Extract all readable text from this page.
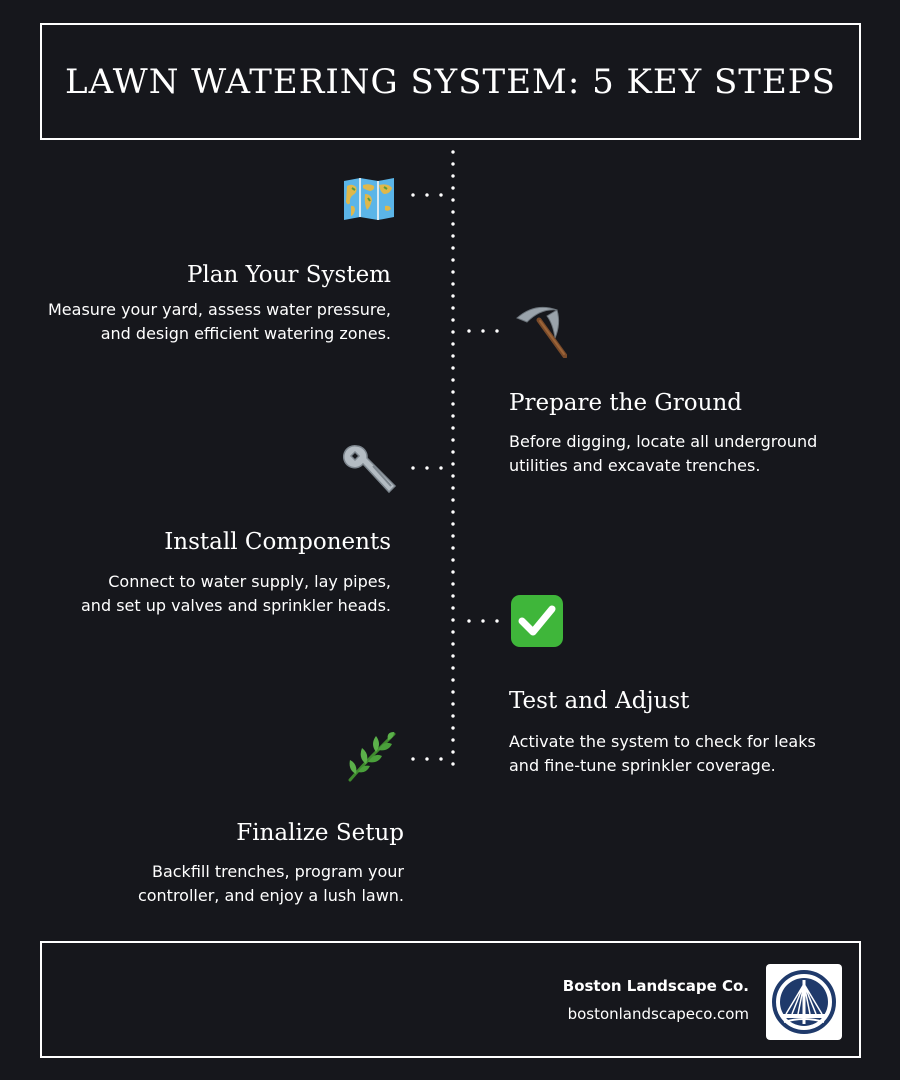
LAWN WATERING SYSTEM: 5 KEY STEPS
Plan Your System
Measure your yard, assess water pressure,
and design efficient watering zones.
Prepare the Ground
Before digging, locate all underground
utilities and excavate trenches.
Install Components
Connect to water supply, lay pipes,
and set up valves and sprinkler heads.
Test and Adjust
Activate the system to check for leaks
and fine-tune sprinkler coverage.
Finalize Setup
Backfill trenches, program your
controller, and enjoy a lush lawn.
Boston Landscape Co.
bostonlandscapeco.com
